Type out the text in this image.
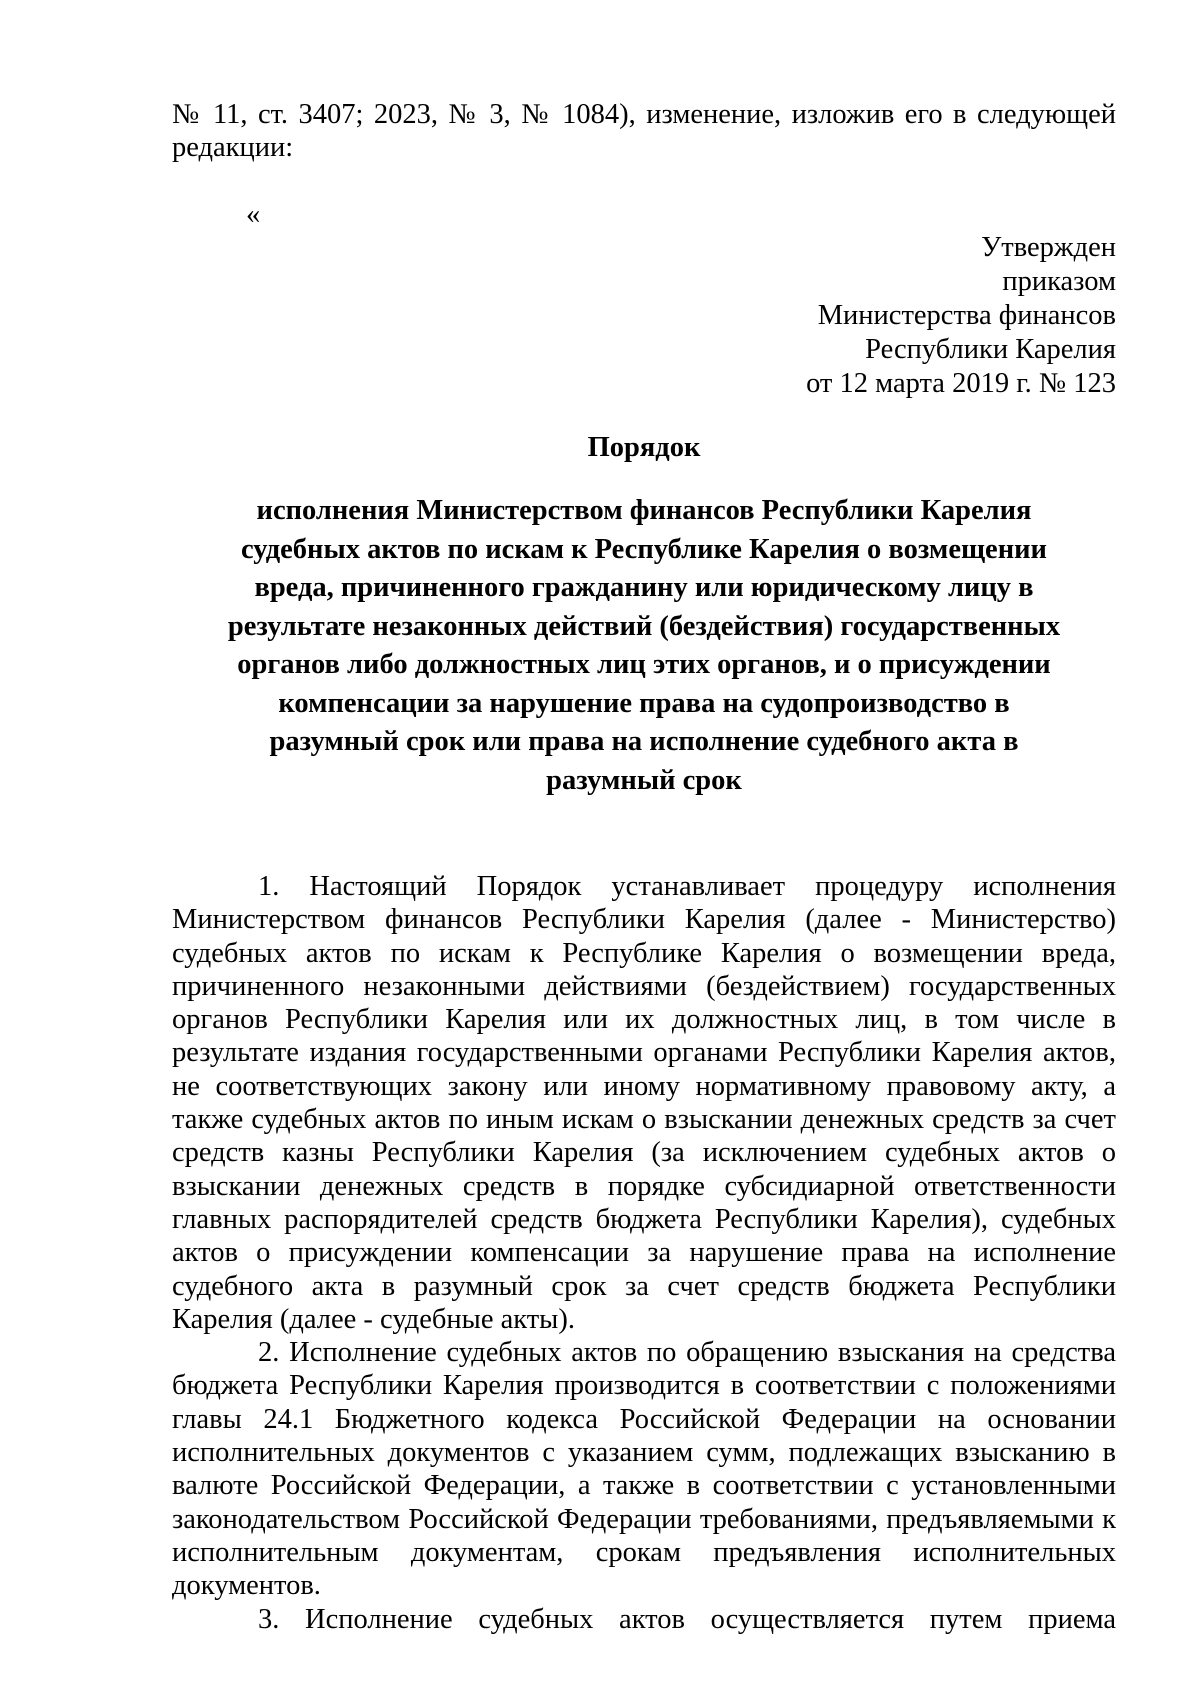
№ 11, ст. 3407; 2023, № 3, № 1084), изменение, изложив его в следующей редакции:

«
Утвержден
приказом
Министерства финансов
Республики Карелия
от 12 марта 2019 г. № 123
Порядок
исполнения Министерством финансов Республики Карелия судебных актов по искам к Республике Карелия о возмещении вреда, причиненного гражданину или юридическому лицу в результате незаконных действий (бездействия) государственных органов либо должностных лиц этих органов, и о присуждении компенсации за нарушение права на судопроизводство в разумный срок или права на исполнение судебного акта в разумный срок

1. Настоящий Порядок устанавливает процедуру исполнения Министерством финансов Республики Карелия (далее - Министерство) судебных актов по искам к Республике Карелия о возмещении вреда, причиненного незаконными действиями (бездействием) государственных органов Республики Карелия или их должностных лиц, в том числе в результате издания государственными органами Республики Карелия актов, не соответствующих закону или иному нормативному правовому акту, а также судебных актов по иным искам о взыскании денежных средств за счет средств казны Республики Карелия (за исключением судебных актов о взыскании денежных средств в порядке субсидиарной ответственности главных распорядителей средств бюджета Республики Карелия), судебных актов о присуждении компенсации за нарушение права на исполнение судебного акта в разумный срок за счет средств бюджета Республики Карелия (далее - судебные акты).

2. Исполнение судебных актов по обращению взыскания на средства бюджета Республики Карелия производится в соответствии с положениями главы 24.1 Бюджетного кодекса Российской Федерации на основании исполнительных документов с указанием сумм, подлежащих взысканию в валюте Российской Федерации, а также в соответствии с установленными законодательством Российской Федерации требованиями, предъявляемыми к исполнительным документам, срокам предъявления исполнительных документов.

3. Исполнение судебных актов осуществляется путем приема
